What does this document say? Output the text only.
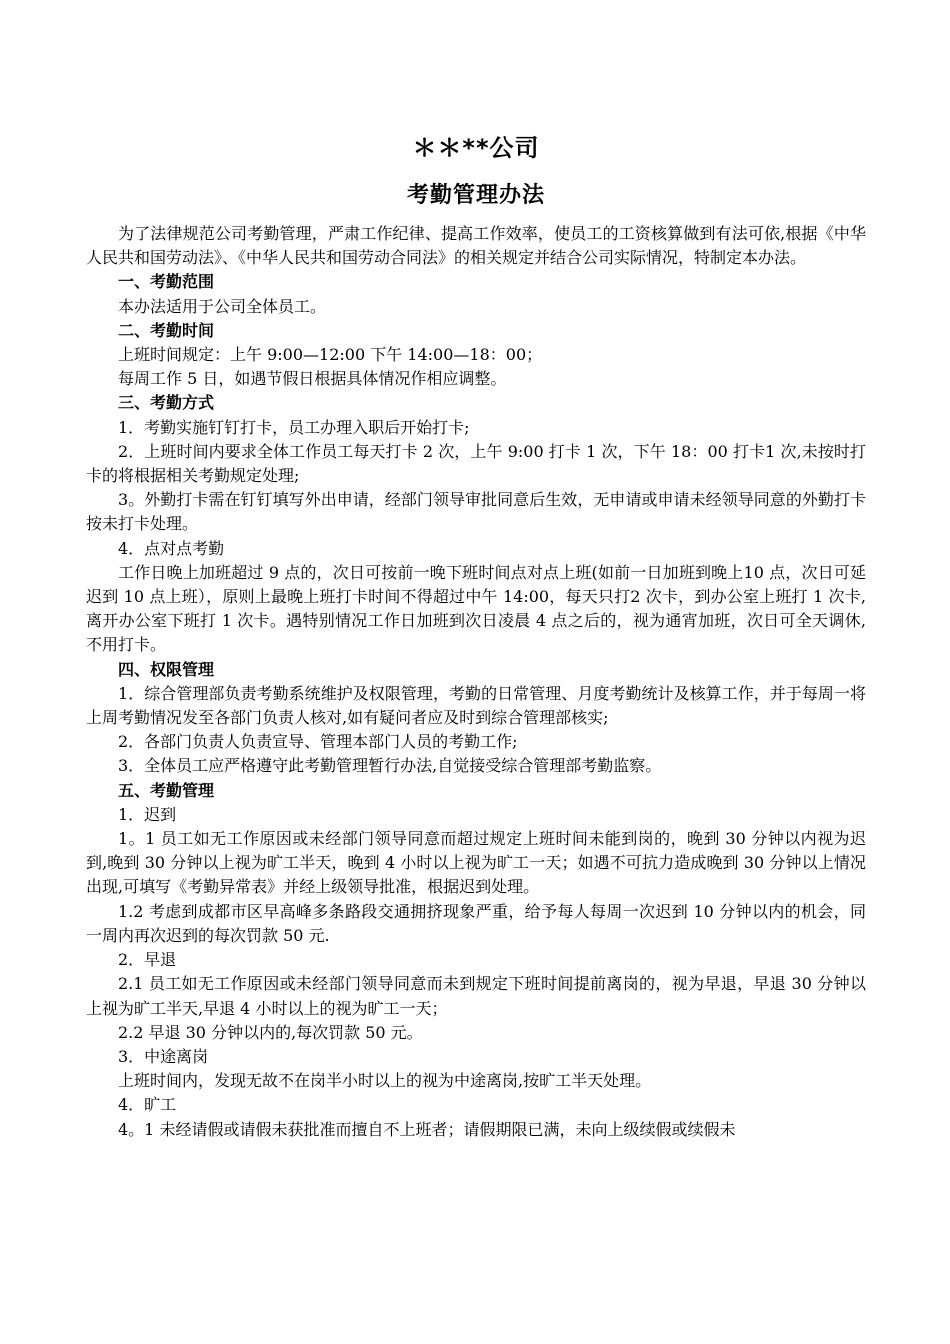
＊＊**公司
考勤管理办法

为了法律规范公司考勤管理，严肃工作纪律、提高工作效率，使员工的工资核算做到有法可依,根据《中华人民共和国劳动法》、《中华人民共和国劳动合同法》的相关规定并结合公司实际情况，特制定本办法。

一、考勤范围

本办法适用于公司全体员工。

二、考勤时间

上班时间规定：上午 9:00—12:00 下午 14:00—18：00；

每周工作 5 日，如遇节假日根据具体情况作相应调整。

三、考勤方式

1．考勤实施钉钉打卡，员工办理入职后开始打卡;

2．上班时间内要求全体工作员工每天打卡 2 次，上午 9:00 打卡 1 次，下午 18：00 打卡1 次,未按时打卡的将根据相关考勤规定处理;

3。外勤打卡需在钉钉填写外出申请，经部门领导审批同意后生效，无申请或申请未经领导同意的外勤打卡按未打卡处理。

4．点对点考勤

工作日晚上加班超过 9 点的，次日可按前一晚下班时间点对点上班(如前一日加班到晚上10 点，次日可延迟到 10 点上班），原则上最晚上班打卡时间不得超过中午 14:00，每天只打2 次卡，到办公室上班打 1 次卡,离开办公室下班打 1 次卡。遇特别情况工作日加班到次日凌晨 4 点之后的，视为通宵加班，次日可全天调休,不用打卡。

四、权限管理

1．综合管理部负责考勤系统维护及权限管理，考勤的日常管理、月度考勤统计及核算工作，并于每周一将上周考勤情况发至各部门负责人核对,如有疑问者应及时到综合管理部核实;

2．各部门负责人负责宣导、管理本部门人员的考勤工作;

3．全体员工应严格遵守此考勤管理暂行办法,自觉接受综合管理部考勤监察。

五、考勤管理

1．迟到

1。1 员工如无工作原因或未经部门领导同意而超过规定上班时间未能到岗的，晚到 30 分钟以内视为迟到,晚到 30 分钟以上视为旷工半天，晚到 4 小时以上视为旷工一天；如遇不可抗力造成晚到 30 分钟以上情况出现,可填写《考勤异常表》并经上级领导批准，根据迟到处理。

1.2 考虑到成都市区早高峰多条路段交通拥挤现象严重，给予每人每周一次迟到 10 分钟以内的机会，同一周内再次迟到的每次罚款 50 元.

2．早退

2.1 员工如无工作原因或未经部门领导同意而未到规定下班时间提前离岗的，视为早退，早退 30 分钟以上视为旷工半天,早退 4 小时以上的视为旷工一天；

2.2 早退 30 分钟以内的,每次罚款 50 元。

3．中途离岗

上班时间内，发现无故不在岗半小时以上的视为中途离岗,按旷工半天处理。

4．旷工

4。1 未经请假或请假未获批准而擅自不上班者；请假期限已满，未向上级续假或续假未
